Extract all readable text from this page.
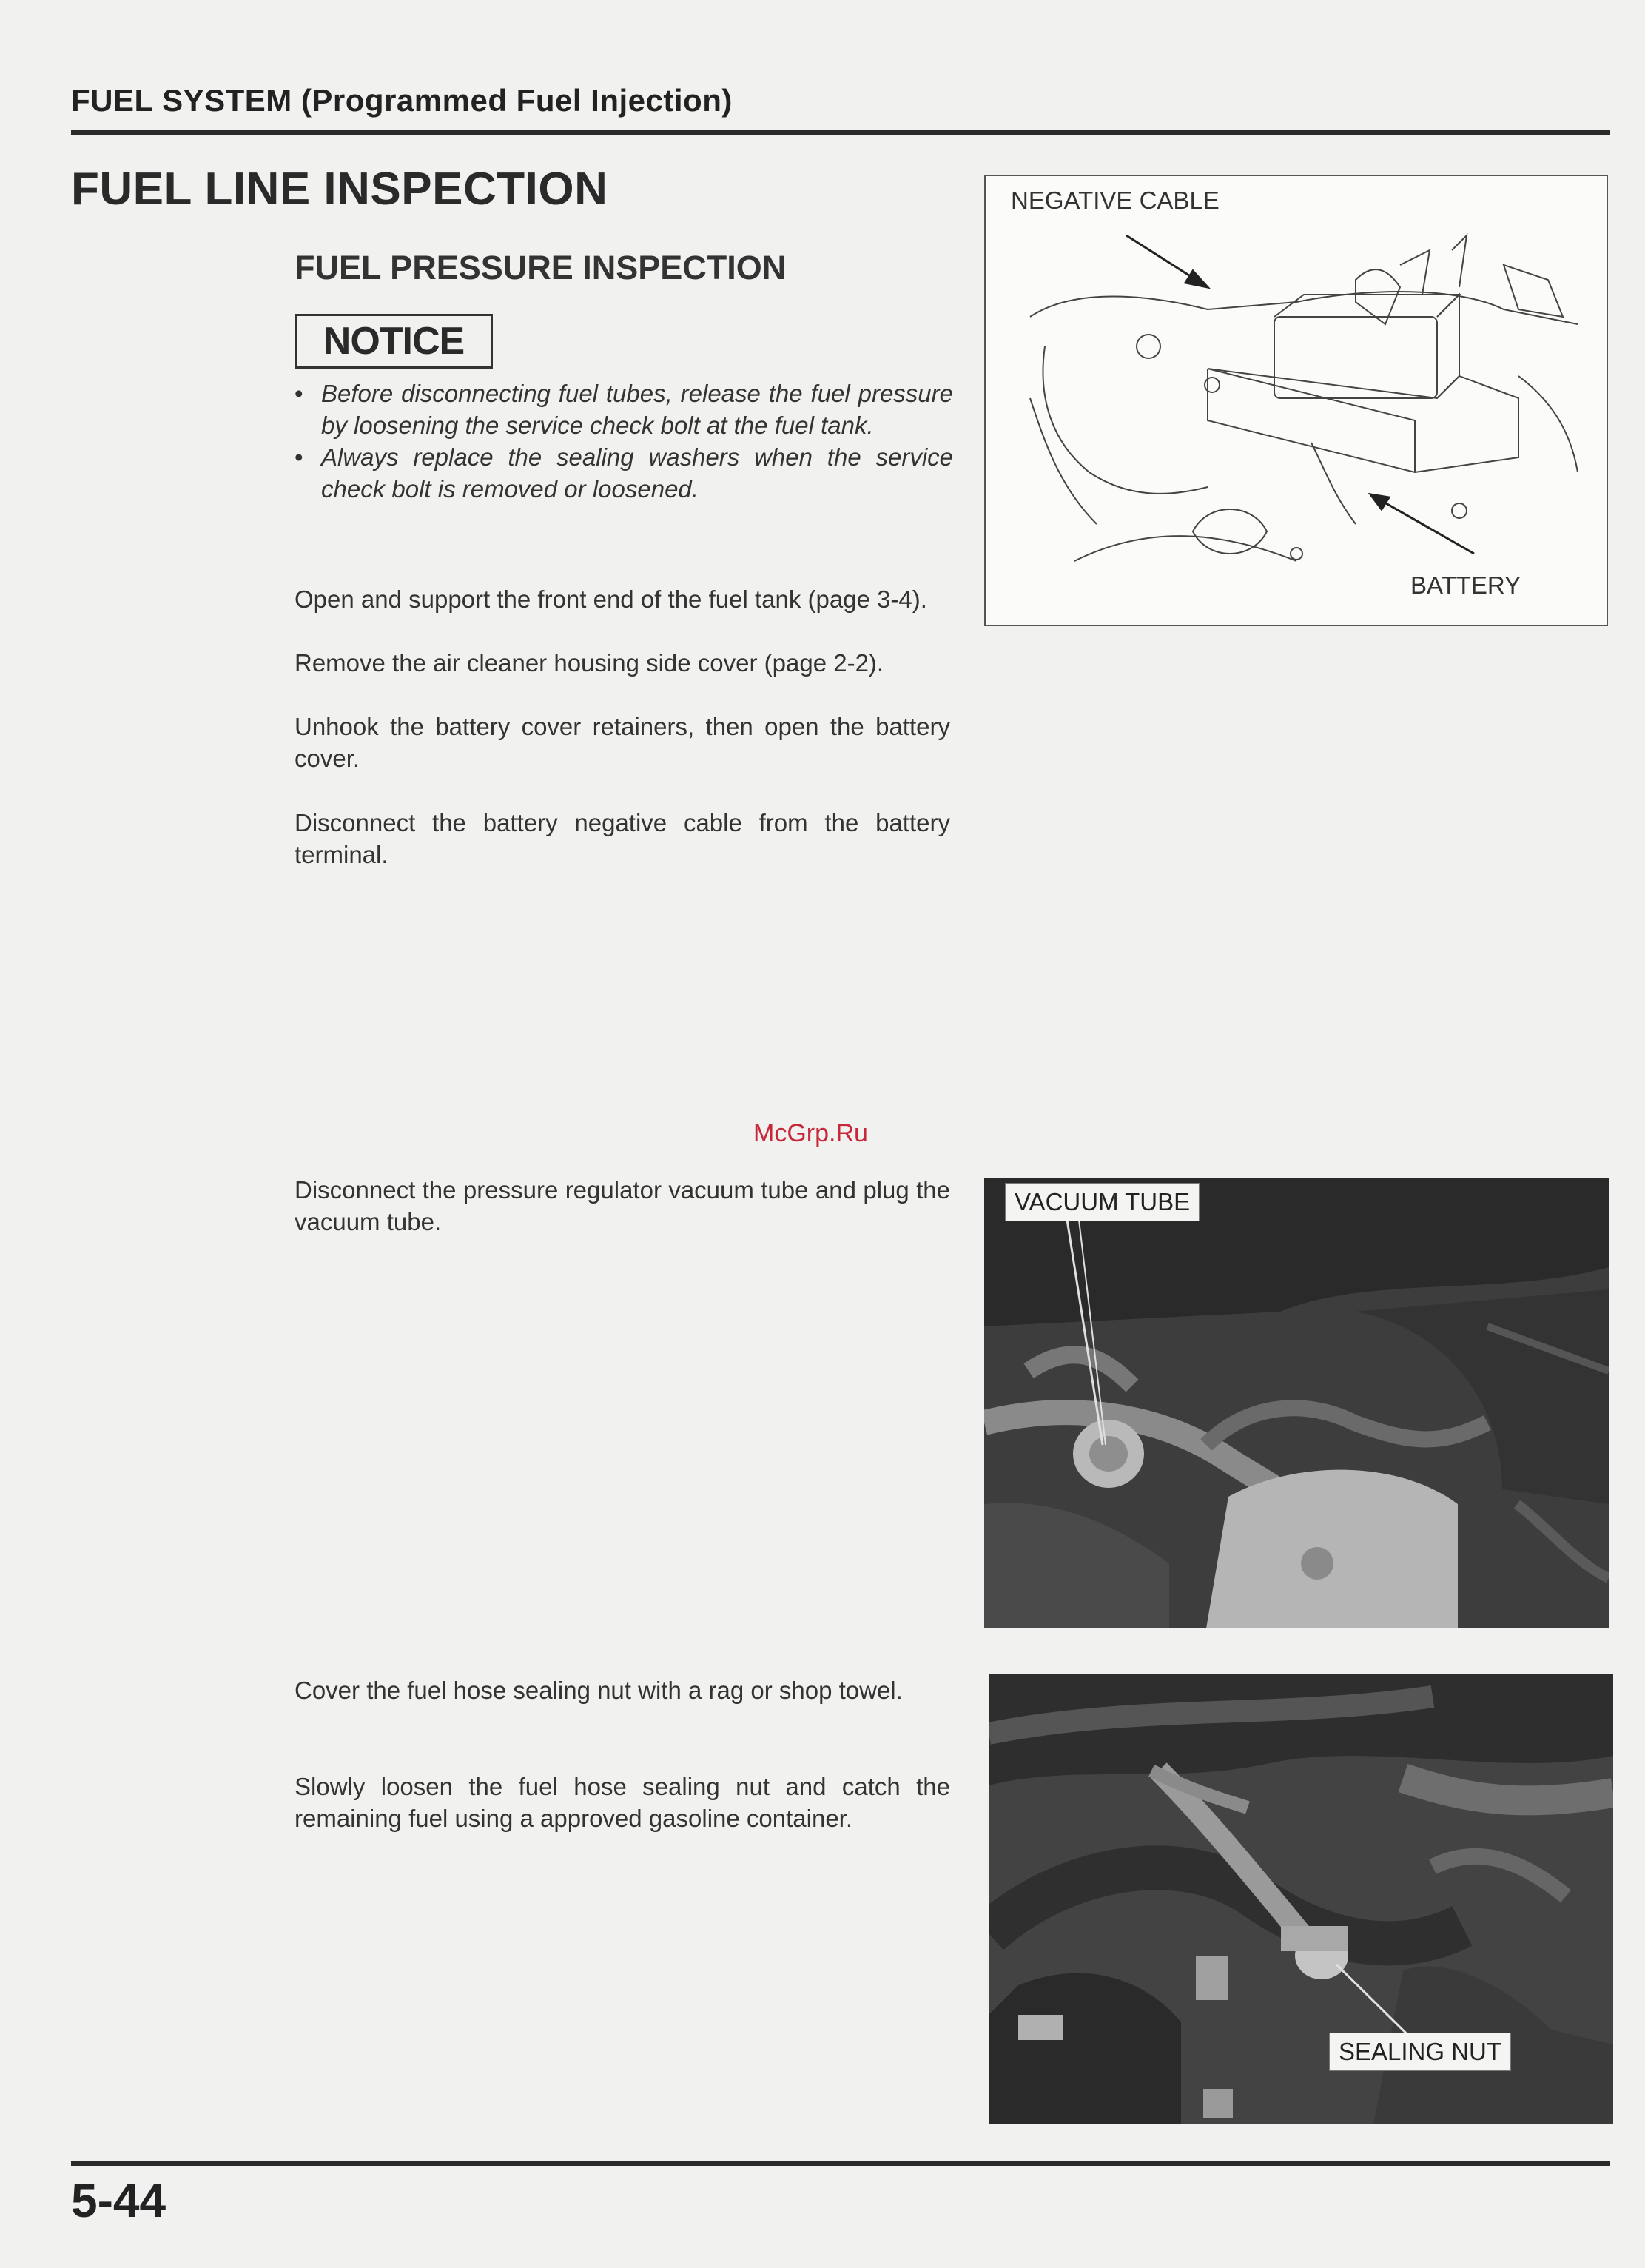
FUEL SYSTEM (Programmed Fuel Injection)
FUEL LINE INSPECTION
FUEL PRESSURE INSPECTION
NOTICE
• Before disconnecting fuel tubes, release the fuel pressure by loosening the service check bolt at the fuel tank.
• Always replace the sealing washers when the service check bolt is removed or loosened.

Open and support the front end of the fuel tank (page 3-4).

Remove the air cleaner housing side cover (page 2-2).

Unhook the battery cover retainers, then open the battery cover.

Disconnect the battery negative cable from the battery terminal.

NEGATIVE CABLE
BATTERY
McGrp.Ru

Disconnect the pressure regulator vacuum tube and plug the vacuum tube.

VACUUM TUBE

Cover the fuel hose sealing nut with a rag or shop towel.

Slowly loosen the fuel hose sealing nut and catch the remaining fuel using a approved gasoline container.

SEALING NUT
5-44
